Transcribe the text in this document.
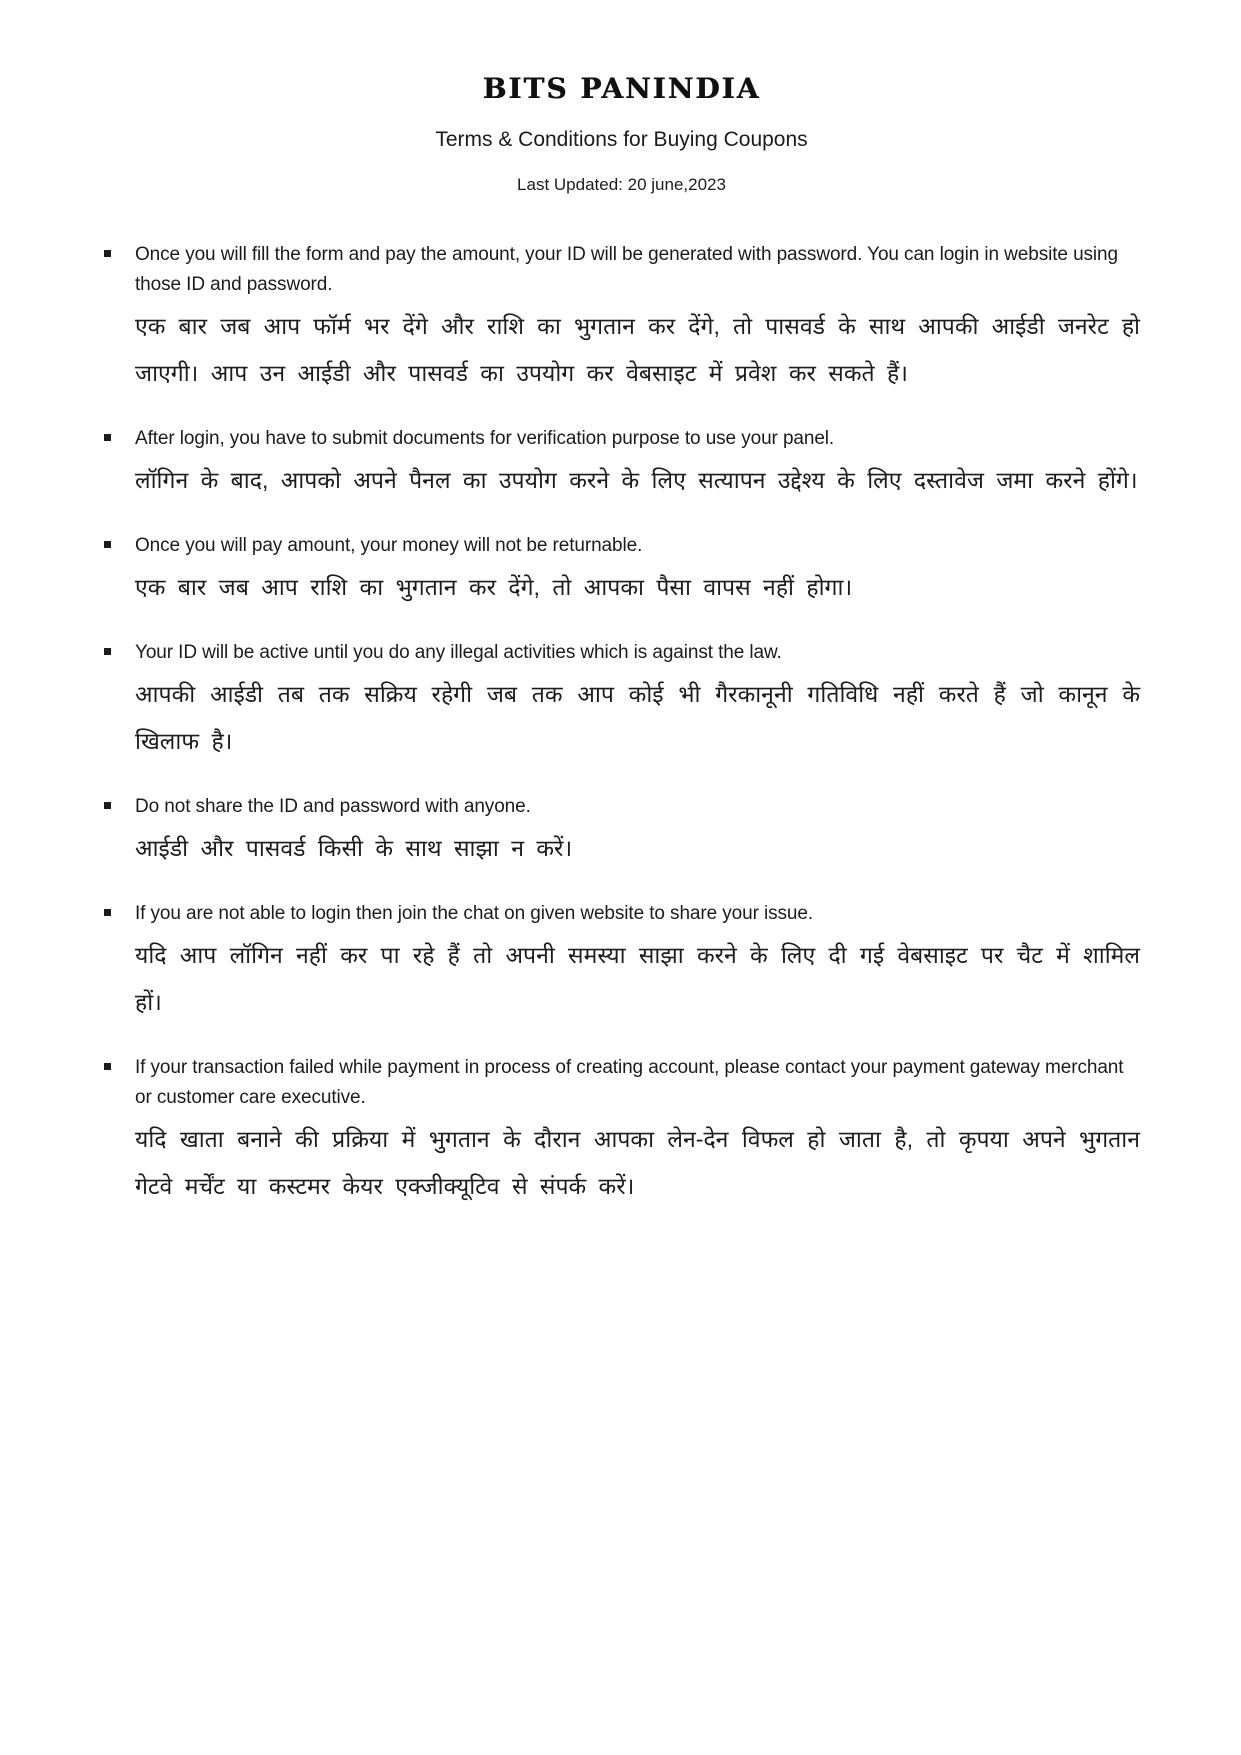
BITS PANINDIA
Terms & Conditions for Buying Coupons
Last Updated: 20 june,2023

Once you will fill the form and pay the amount, your ID will be generated with password. You can login in website using those ID and password.

एक बार जब आप फॉर्म भर देंगे और राशि का भुगतान कर देंगे, तो पासवर्ड के साथ आपकी आईडी जनरेट हो जाएगी। आप उन आईडी और पासवर्ड का उपयोग कर वेबसाइट में प्रवेश कर सकते हैं।

After login, you have to submit documents for verification purpose to use your panel.

लॉगिन के बाद, आपको अपने पैनल का उपयोग करने के लिए सत्यापन उद्देश्य के लिए दस्तावेज जमा करने होंगे।

Once you will pay amount, your money will not be returnable.

एक बार जब आप राशि का भुगतान कर देंगे, तो आपका पैसा वापस नहीं होगा।

Your ID will be active until you do any illegal activities which is against the law.

आपकी आईडी तब तक सक्रिय रहेगी जब तक आप कोई भी गैरकानूनी गतिविधि नहीं करते हैं जो कानून के खिलाफ है।

Do not share the ID and password with anyone.

आईडी और पासवर्ड किसी के साथ साझा न करें।

If you are not able to login then join the chat on given website to share your issue.

यदि आप लॉगिन नहीं कर पा रहे हैं तो अपनी समस्या साझा करने के लिए दी गई वेबसाइट पर चैट में शामिल हों।

If your transaction failed while payment in process of creating account, please contact your payment gateway merchant or customer care executive.

यदि खाता बनाने की प्रक्रिया में भुगतान के दौरान आपका लेन-देन विफल हो जाता है, तो कृपया अपने भुगतान गेटवे मर्चेंट या कस्टमर केयर एक्जीक्यूटिव से संपर्क करें।
